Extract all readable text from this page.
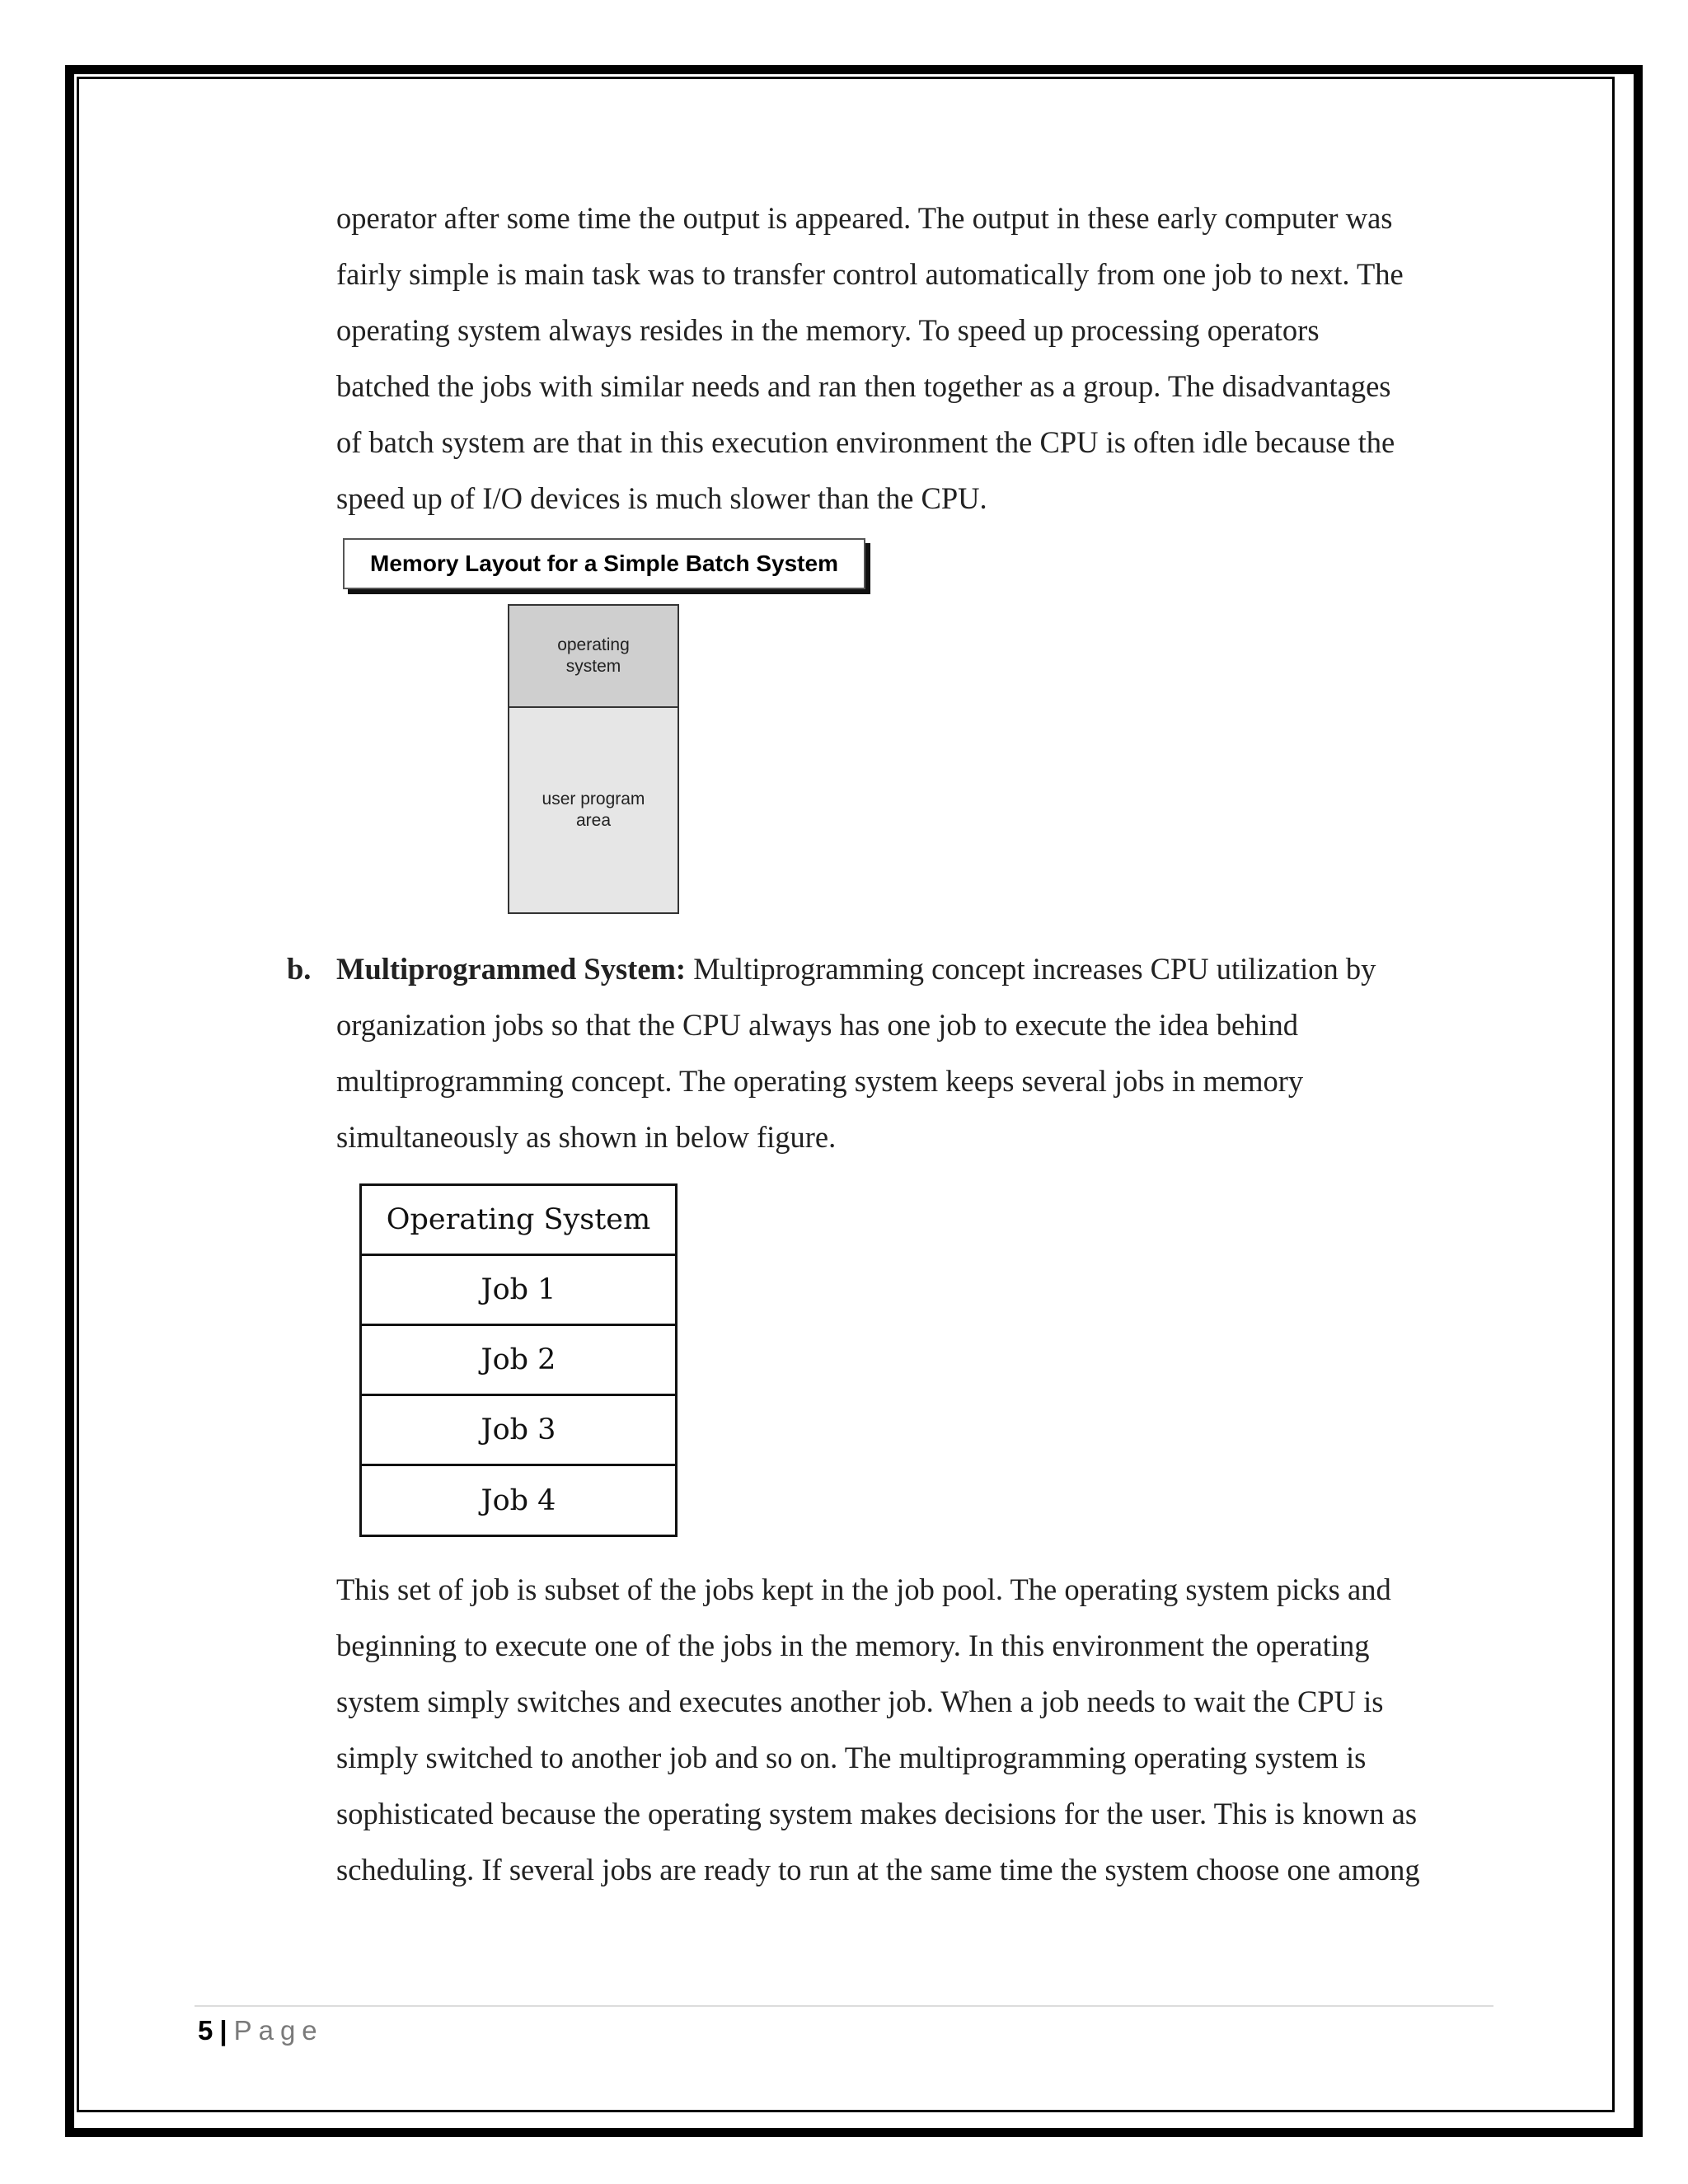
operator after some time the output is appeared. The output in these early computer was
fairly simple is main task was to transfer control automatically from one job to next. The
operating system always resides in the memory. To speed up processing operators
batched the jobs with similar needs and ran then together as a group. The disadvantages
of batch system are that in this execution environment the CPU is often idle because the
speed up of I/O devices is much slower than the CPU.

Memory Layout for a Simple Batch System
operating
system
user program
area
b. Multiprogrammed System: Multiprogramming concept increases CPU utilization by
organization jobs so that the CPU always has one job to execute the idea behind
multiprogramming concept. The operating system keeps several jobs in memory
simultaneously as shown in below figure.

Operating System
Job 1
Job 2
Job 3
Job 4

This set of job is subset of the jobs kept in the job pool. The operating system picks and
beginning to execute one of the jobs in the memory. In this environment the operating
system simply switches and executes another job. When a job needs to wait the CPU is
simply switched to another job and so on. The multiprogramming operating system is
sophisticated because the operating system makes decisions for the user. This is known as
scheduling. If several jobs are ready to run at the same time the system choose one among

5 | Page
